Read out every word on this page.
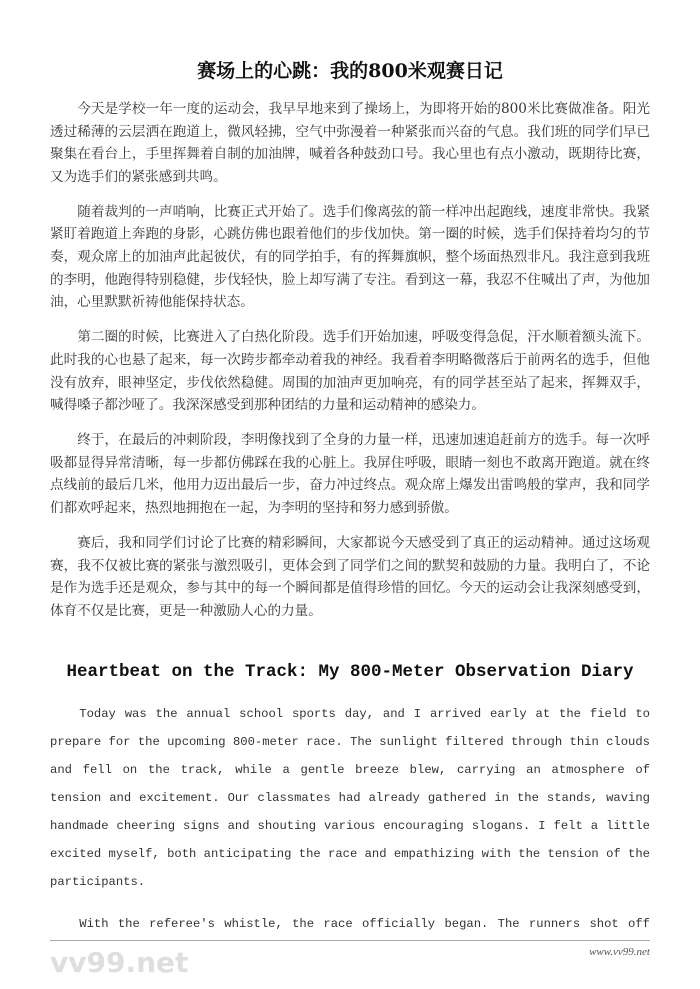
赛场上的心跳：我的800米观赛日记

今天是学校一年一度的运动会，我早早地来到了操场上，为即将开始的800米比赛做准备。阳光透过稀薄的云层洒在跑道上，微风轻拂，空气中弥漫着一种紧张而兴奋的气息。我们班的同学们早已聚集在看台上，手里挥舞着自制的加油牌，喊着各种鼓劲口号。我心里也有点小激动，既期待比赛，又为选手们的紧张感到共鸣。

随着裁判的一声哨响，比赛正式开始了。选手们像离弦的箭一样冲出起跑线，速度非常快。我紧紧盯着跑道上奔跑的身影，心跳仿佛也跟着他们的步伐加快。第一圈的时候，选手们保持着均匀的节奏，观众席上的加油声此起彼伏，有的同学拍手，有的挥舞旗帜，整个场面热烈非凡。我注意到我班的李明，他跑得特别稳健，步伐轻快，脸上却写满了专注。看到这一幕，我忍不住喊出了声，为他加油，心里默默祈祷他能保持状态。

第二圈的时候，比赛进入了白热化阶段。选手们开始加速，呼吸变得急促，汗水顺着额头流下。此时我的心也悬了起来，每一次跨步都牵动着我的神经。我看着李明略微落后于前两名的选手，但他没有放弃，眼神坚定，步伐依然稳健。周围的加油声更加响亮，有的同学甚至站了起来，挥舞双手，喊得嗓子都沙哑了。我深深感受到那种团结的力量和运动精神的感染力。

终于，在最后的冲刺阶段，李明像找到了全身的力量一样，迅速加速追赶前方的选手。每一次呼吸都显得异常清晰，每一步都仿佛踩在我的心脏上。我屏住呼吸，眼睛一刻也不敢离开跑道。就在终点线前的最后几米，他用力迈出最后一步，奋力冲过终点。观众席上爆发出雷鸣般的掌声，我和同学们都欢呼起来，热烈地拥抱在一起，为李明的坚持和努力感到骄傲。

赛后，我和同学们讨论了比赛的精彩瞬间，大家都说今天感受到了真正的运动精神。通过这场观赛，我不仅被比赛的紧张与激烈吸引，更体会到了同学们之间的默契和鼓励的力量。我明白了，不论是作为选手还是观众，参与其中的每一个瞬间都是值得珍惜的回忆。今天的运动会让我深刻感受到，体育不仅是比赛，更是一种激励人心的力量。

Heartbeat on the Track: My 800-Meter Observation Diary

Today was the annual school sports day, and I arrived early at the field to prepare for the upcoming 800-meter race. The sunlight filtered through thin clouds and fell on the track, while a gentle breeze blew, carrying an atmosphere of tension and excitement. Our classmates had already gathered in the stands, waving handmade cheering signs and shouting various encouraging slogans. I felt a little excited myself, both anticipating the race and empathizing with the tension of the participants.

With the referee's whistle, the race officially began. The runners shot off

vv99.net	www.vv99.net
